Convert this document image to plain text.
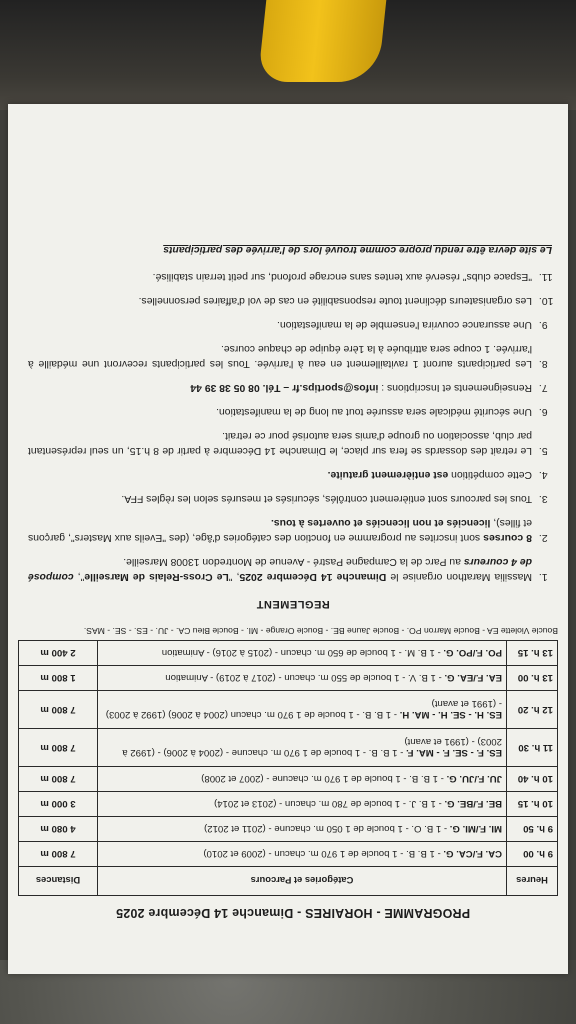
PROGRAMME - HORAIRES - Dimanche 14 Décembre 2025
Heures	Catégories et Parcours	Distances
9 h. 00	CA. F./CA. G. - 1 B. B. - 1 boucle de 1 970 m. chacun - (2009 et 2010)	7 800 m
9 h. 50	MI. F./MI. G. - 1 B. O. - 1 boucle de 1 050 m. chacune - (2011 et 2012)	4 080 m
10 h. 15	BE. F./BE. G. - 1 B. J. - 1 boucle de 780 m. chacun - (2013 et 2014)	3 000 m
10 h. 40	JU. F./JU. G. - 1 B. B. - 1 boucle de 1 970 m. chacune - (2007 et 2008)	7 800 m
11 h. 30	ES. F. - SE. F. - MA. F. - 1 B. B. - 1 boucle de 1 970 m. chacune - (2004 à 2006) - (1992 à 2003) - (1991 et avant)	7 800 m
12 h. 20	ES. H. - SE. H. - MA. H. - 1 B. B. - 1 boucle de 1 970 m. chacun (2004 à 2006) (1992 à 2003) - (1991 et avant)	7 800 m
13 h. 00	EA. F./EA. G. - 1 B. V. - 1 boucle de 550 m. chacun - (2017 à 2019) - Animation	1 800 m
13 h. 15	PO. F./PO. G. - 1 B. M. - 1 boucle de 650 m. chacun - (2015 à 2016) - Animation	2 400 m
Boucle Violette EA - Boucle Marron PO. - Boucle Jaune BE. - Boucle Orange - MI. - Boucle Bleu CA. - JU. - ES. - SE. - MAS.
REGLEMENT
1. Massilia Marathon organise le Dimanche 14 Décembre 2025, "Le Cross-Relais de Marseille", composé de 4 coureurs au Parc de la Campagne Pastré - Avenue de Montredon 13008 Marseille.
2. 8 courses sont inscrites au programme en fonction des catégories d'âge, (des "Eveils aux Masters", garçons et filles), licenciés et non licenciés et ouvertes à tous.
3. Tous les parcours sont entièrement contrôlés, sécurisés et mesurés selon les règles FFA.
4. Cette compétition est entièrement gratuite.
5. Le retrait des dossards se fera sur place, le Dimanche 14 Décembre à partir de 8 h.15, un seul représentant par club, association ou groupe d'amis sera autorisé pour ce retrait.
6. Une sécurité médicale sera assurée tout au long de la manifestation.
7. Renseignements et Inscriptions : infos@sportips.fr – Tél. 08 05 38 39 44
8. Les participants auront 1 ravitaillement en eau à l'arrivée. Tous les participants recevront une médaille à l'arrivée. 1 coupe sera attribuée à la 1ère équipe de chaque course.
9. Une assurance couvrira l'ensemble de la manifestation.
10. Les organisateurs déclinent toute responsabilité en cas de vol d'affaires personnelles.
11. "Espace clubs" réservé aux tentes sans encrage profond, sur petit terrain stabilisé.
Le site devra être rendu propre comme trouvé lors de l'arrivée des participants
